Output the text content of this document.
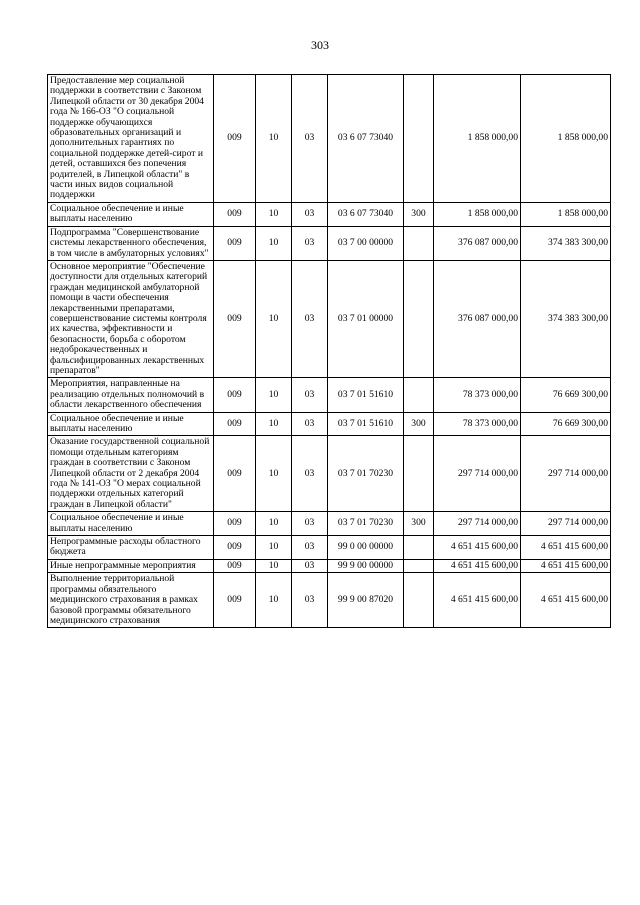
303
Предоставление мер социальной поддержки в соответствии с Законом Липецкой области от 30 декабря 2004 года № 166-ОЗ "О социальной поддержке обучающихся образовательных организаций и дополнительных гарантиях по социальной поддержке детей-сирот и детей, оставшихся без попечения родителей, в Липецкой области" в части иных видов социальной поддержки	009	10	03	03 6 07 73040		1 858 000,00	1 858 000,00
Социальное обеспечение и иные выплаты населению	009	10	03	03 6 07 73040	300	1 858 000,00	1 858 000,00
Подпрограмма "Совершенствование системы лекарственного обеспечения, в том числе в амбулаторных условиях"	009	10	03	03 7 00 00000		376 087 000,00	374 383 300,00
Основное мероприятие "Обеспечение доступности для отдельных категорий граждан медицинской амбулаторной помощи в части обеспечения лекарственными препаратами, совершенствование системы контроля их качества, эффективности и безопасности, борьба с оборотом недоброкачественных и фальсифицированных лекарственных препаратов"	009	10	03	03 7 01 00000		376 087 000,00	374 383 300,00
Мероприятия, направленные на реализацию отдельных полномочий в области лекарственного обеспечения	009	10	03	03 7 01 51610		78 373 000,00	76 669 300,00
Социальное обеспечение и иные выплаты населению	009	10	03	03 7 01 51610	300	78 373 000,00	76 669 300,00
Оказание государственной социальной помощи отдельным категориям граждан в соответствии с Законом Липецкой области от 2 декабря 2004 года № 141-ОЗ "О мерах социальной поддержки отдельных категорий граждан в Липецкой области"	009	10	03	03 7 01 70230		297 714 000,00	297 714 000,00
Социальное обеспечение и иные выплаты населению	009	10	03	03 7 01 70230	300	297 714 000,00	297 714 000,00
Непрограммные расходы областного бюджета	009	10	03	99 0 00 00000		4 651 415 600,00	4 651 415 600,00
Иные непрограммные мероприятия	009	10	03	99 9 00 00000		4 651 415 600,00	4 651 415 600,00
Выполнение территориальной программы обязательного медицинского страхования в рамках базовой программы обязательного медицинского страхования	009	10	03	99 9 00 87020		4 651 415 600,00	4 651 415 600,00
